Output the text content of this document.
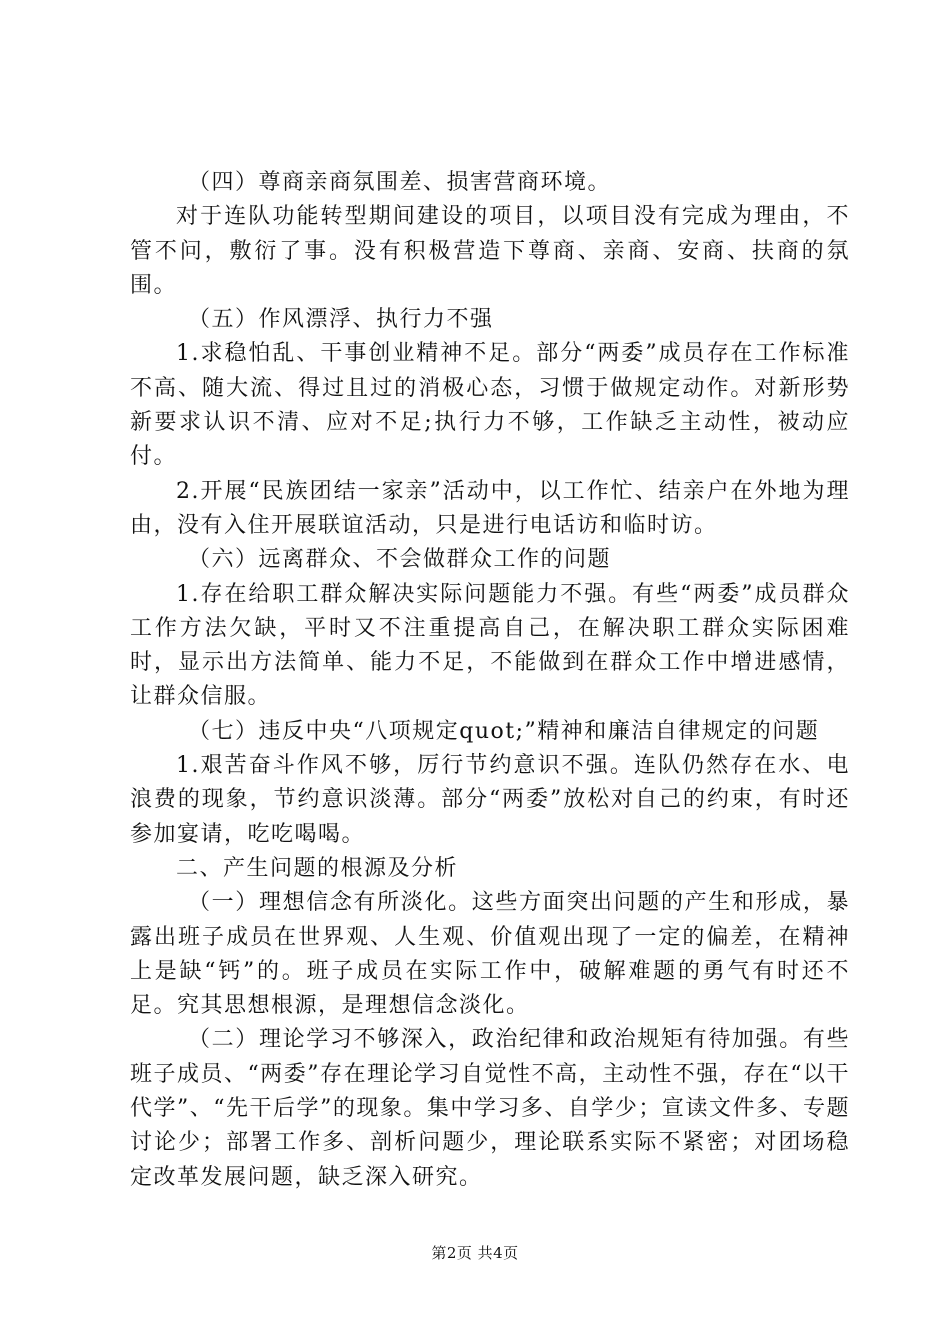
（四）尊商亲商氛围差、损害营商环境。

对于连队功能转型期间建设的项目，以项目没有完成为理由，不管不问，敷衍了事。没有积极营造下尊商、亲商、安商、扶商的氛围。

（五）作风漂浮、执行力不强

1.求稳怕乱、干事创业精神不足。部分“两委”成员存在工作标准不高、随大流、得过且过的消极心态，习惯于做规定动作。对新形势新要求认识不清、应对不足;执行力不够，工作缺乏主动性，被动应付。

2.开展“民族团结一家亲”活动中，以工作忙、结亲户在外地为理由，没有入住开展联谊活动，只是进行电话访和临时访。

（六）远离群众、不会做群众工作的问题

1.存在给职工群众解决实际问题能力不强。有些“两委”成员群众工作方法欠缺，平时又不注重提高自己，在解决职工群众实际困难时，显示出方法简单、能力不足，不能做到在群众工作中增进感情，让群众信服。

（七）违反中央“八项规定quot;”精神和廉洁自律规定的问题

1.艰苦奋斗作风不够，厉行节约意识不强。连队仍然存在水、电浪费的现象，节约意识淡薄。部分“两委”放松对自己的约束，有时还参加宴请，吃吃喝喝。

二、产生问题的根源及分析

（一）理想信念有所淡化。这些方面突出问题的产生和形成，暴露出班子成员在世界观、人生观、价值观出现了一定的偏差，在精神上是缺“钙”的。班子成员在实际工作中，破解难题的勇气有时还不足。究其思想根源，是理想信念淡化。

（二）理论学习不够深入，政治纪律和政治规矩有待加强。有些班子成员、“两委”存在理论学习自觉性不高，主动性不强，存在“以干代学”、“先干后学”的现象。集中学习多、自学少；宣读文件多、专题讨论少；部署工作多、剖析问题少，理论联系实际不紧密；对团场稳定改革发展问题，缺乏深入研究。

第2页 共4页
